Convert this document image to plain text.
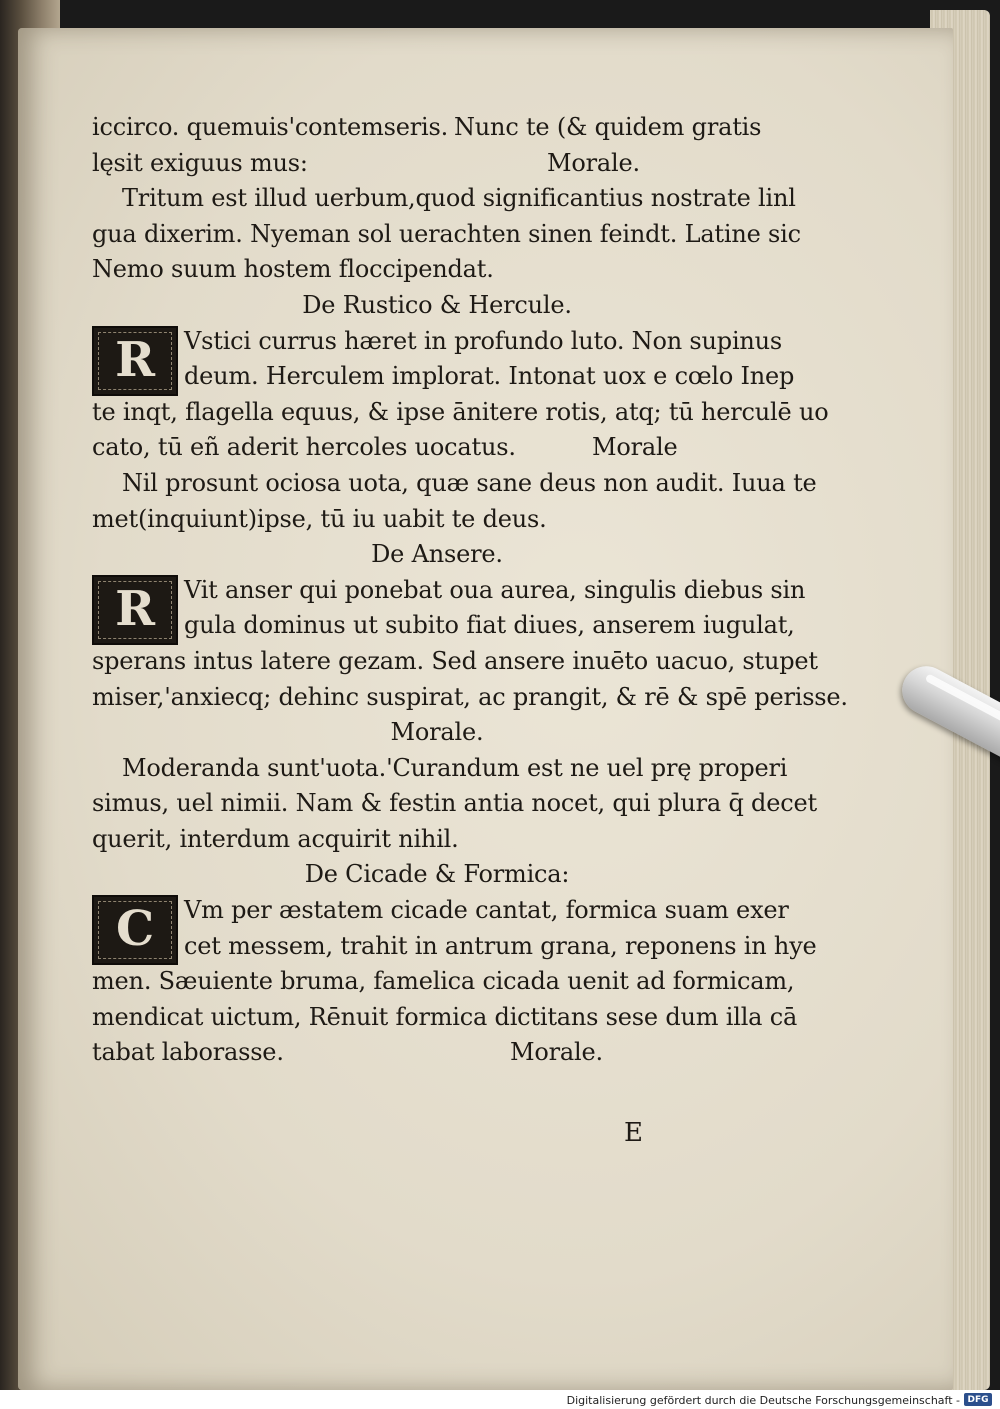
iccirco. quemuis'contemseris. Nunc te (& quidem gratis
lęsit exiguus mus:	Morale.
Tritum est illud uerbum,quod significantius nostrate linl
gua dixerim. Nyeman sol uerachten sinen feindt. Latine sic
Nemo suum hostem floccipendat.
De Rustico & Hercule.
R	Vstici currus hæret in profundo luto. Non supinus
deum. Herculem implorat. Intonat uox e cœlo Inep
te inqt, flagella equus, & ipse ānitere rotis, atq; tū herculē uo
cato, tū eñ aderit hercoles uocatus.	Morale
Nil prosunt ociosa uota, quæ sane deus non audit. Iuua te
met(inquiunt)ipse, tū iu uabit te deus.
De Ansere.
R	Vit anser qui ponebat oua aurea, singulis diebus sin
gula dominus ut subito fiat diues, anserem iugulat,
sperans intus latere gezam. Sed ansere inuēto uacuo, stupet
miser,'anxiecq; dehinc suspirat, ac prangit, & rē & spē perisse.
Morale.
Moderanda sunt'uota.'Curandum est ne uel prę properi
simus, uel nimii. Nam & festin antia nocet, qui plura q̄ decet
querit, interdum acquirit nihil.
De Cicade & Formica:
C	Vm per æstatem cicade cantat, formica suam exer
cet messem, trahit in antrum grana, reponens in hye
men. Sæuiente bruma, famelica cicada uenit ad formicam,
mendicat uictum, Rēnuit formica dictitans sese dum illa cā
tabat laborasse.	Morale.
E
Digitalisierung gefördert durch die Deutsche Forschungsgemeinschaft - DFG
